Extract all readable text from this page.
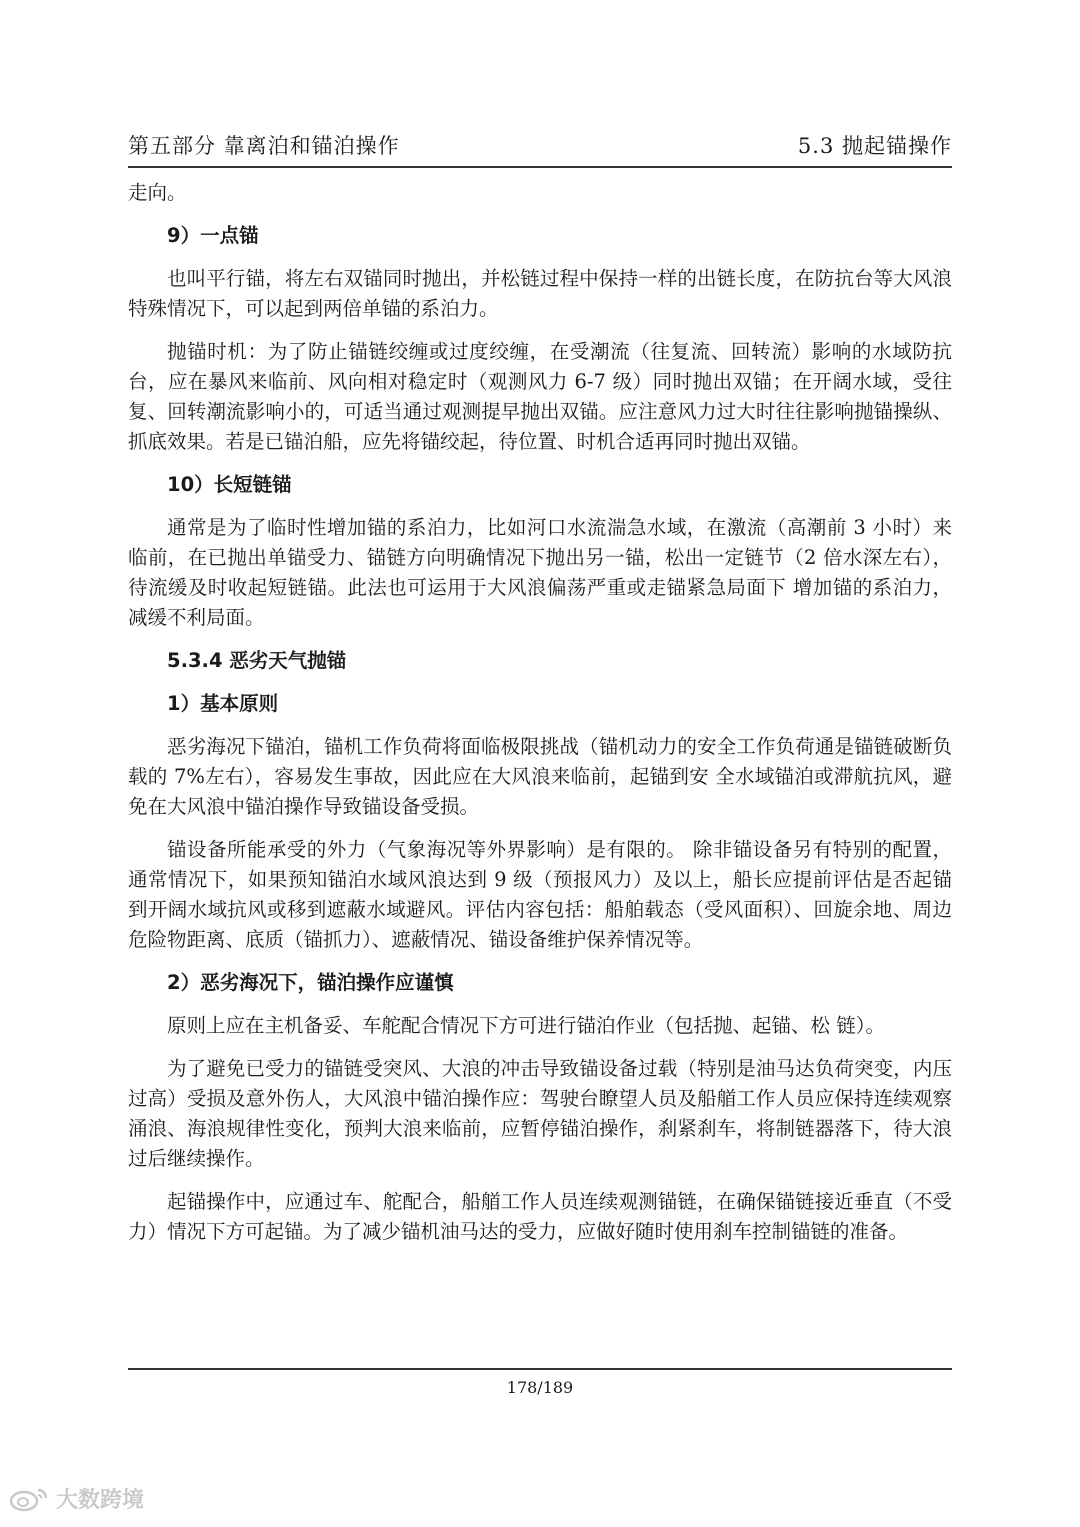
第五部分 靠离泊和锚泊操作	5.3 抛起锚操作

走向。

9）一点锚

也叫平行锚，将左右双锚同时抛出，并松链过程中保持一样的出链长度，在防抗台等大风浪特殊情况下，可以起到两倍单锚的系泊力。

抛锚时机：为了防止锚链绞缠或过度绞缠，在受潮流（往复流、回转流）影响的水域防抗台，应在暴风来临前、风向相对稳定时（观测风力 6-7 级）同时抛出双锚；在开阔水域，受往复、回转潮流影响小的，可适当通过观测提早抛出双锚。应注意风力过大时往往影响抛锚操纵、抓底效果。若是已锚泊船，应先将锚绞起，待位置、时机合适再同时抛出双锚。

10）长短链锚

通常是为了临时性增加锚的系泊力，比如河口水流湍急水域，在激流（高潮前 3 小时）来临前，在已抛出单锚受力、锚链方向明确情况下抛出另一锚，松出一定链节（2 倍水深左右），待流缓及时收起短链锚。此法也可运用于大风浪偏荡严重或走锚紧急局面下 增加锚的系泊力，减缓不利局面。

5.3.4 恶劣天气抛锚
1）基本原则

恶劣海况下锚泊，锚机工作负荷将面临极限挑战（锚机动力的安全工作负荷通是锚链破断负载的 7%左右），容易发生事故，因此应在大风浪来临前，起锚到安 全水域锚泊或滞航抗风，避免在大风浪中锚泊操作导致锚设备受损。

锚设备所能承受的外力（气象海况等外界影响）是有限的。 除非锚设备另有特别的配置，通常情况下，如果预知锚泊水域风浪达到 9 级（预报风力）及以上，船长应提前评估是否起锚到开阔水域抗风或移到遮蔽水域避风。评估内容包括：船舶载态（受风面积）、回旋余地、周边危险物距离、底质（锚抓力）、遮蔽情况、锚设备维护保养情况等。

2）恶劣海况下，锚泊操作应谨慎

原则上应在主机备妥、车舵配合情况下方可进行锚泊作业（包括抛、起锚、松 链）。

为了避免已受力的锚链受突风、大浪的冲击导致锚设备过载（特别是油马达负荷突变，内压过高）受损及意外伤人，大风浪中锚泊操作应：驾驶台瞭望人员及船艏工作人员应保持连续观察涌浪、海浪规律性变化，预判大浪来临前，应暂停锚泊操作，刹紧刹车，将制链器落下，待大浪过后继续操作。

起锚操作中，应通过车、舵配合，船艏工作人员连续观测锚链，在确保锚链接近垂直（不受力）情况下方可起锚。为了减少锚机油马达的受力，应做好随时使用刹车控制锚链的准备。

178/189
大数跨境
